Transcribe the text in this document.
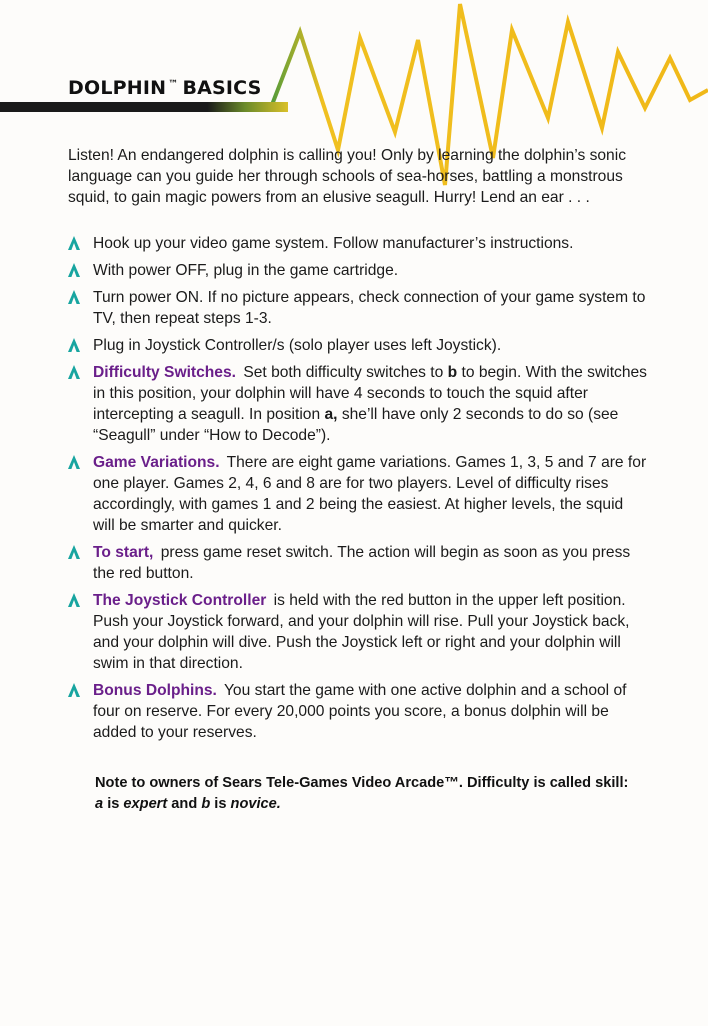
DOLPHIN ™ BASICS

Listen! An endangered dolphin is calling you! Only by learning the dolphin’s sonic language can you guide her through schools of sea-horses, battling a monstrous squid, to gain magic powers from an elusive seagull. Hurry! Lend an ear . . .

Hook up your video game system. Follow manufacturer’s instructions.
With power OFF, plug in the game cartridge.
Turn power ON. If no picture appears, check connection of your game system to TV, then repeat steps 1-3.
Plug in Joystick Controller/s (solo player uses left Joystick).
Difficulty Switches. Set both difficulty switches to b to begin. With the switches in this position, your dolphin will have 4 seconds to touch the squid after intercepting a seagull. In position a, she’ll have only 2 seconds to do so (see “Seagull” under “How to Decode”).
Game Variations. There are eight game variations. Games 1, 3, 5 and 7 are for one player. Games 2, 4, 6 and 8 are for two players. Level of difficulty rises accordingly, with games 1 and 2 being the easiest. At higher levels, the squid will be smarter and quicker.
To start, press game reset switch. The action will begin as soon as you press the red button.
The Joystick Controller is held with the red button in the upper left position. Push your Joystick forward, and your dolphin will rise. Pull your Joystick back, and your dolphin will dive. Push the Joystick left or right and your dolphin will swim in that direction.
Bonus Dolphins. You start the game with one active dolphin and a school of four on reserve. For every 20,000 points you score, a bonus dolphin will be added to your reserves.

Note to owners of Sears Tele-Games Video Arcade™. Difficulty is called skill: a is expert and b is novice.
